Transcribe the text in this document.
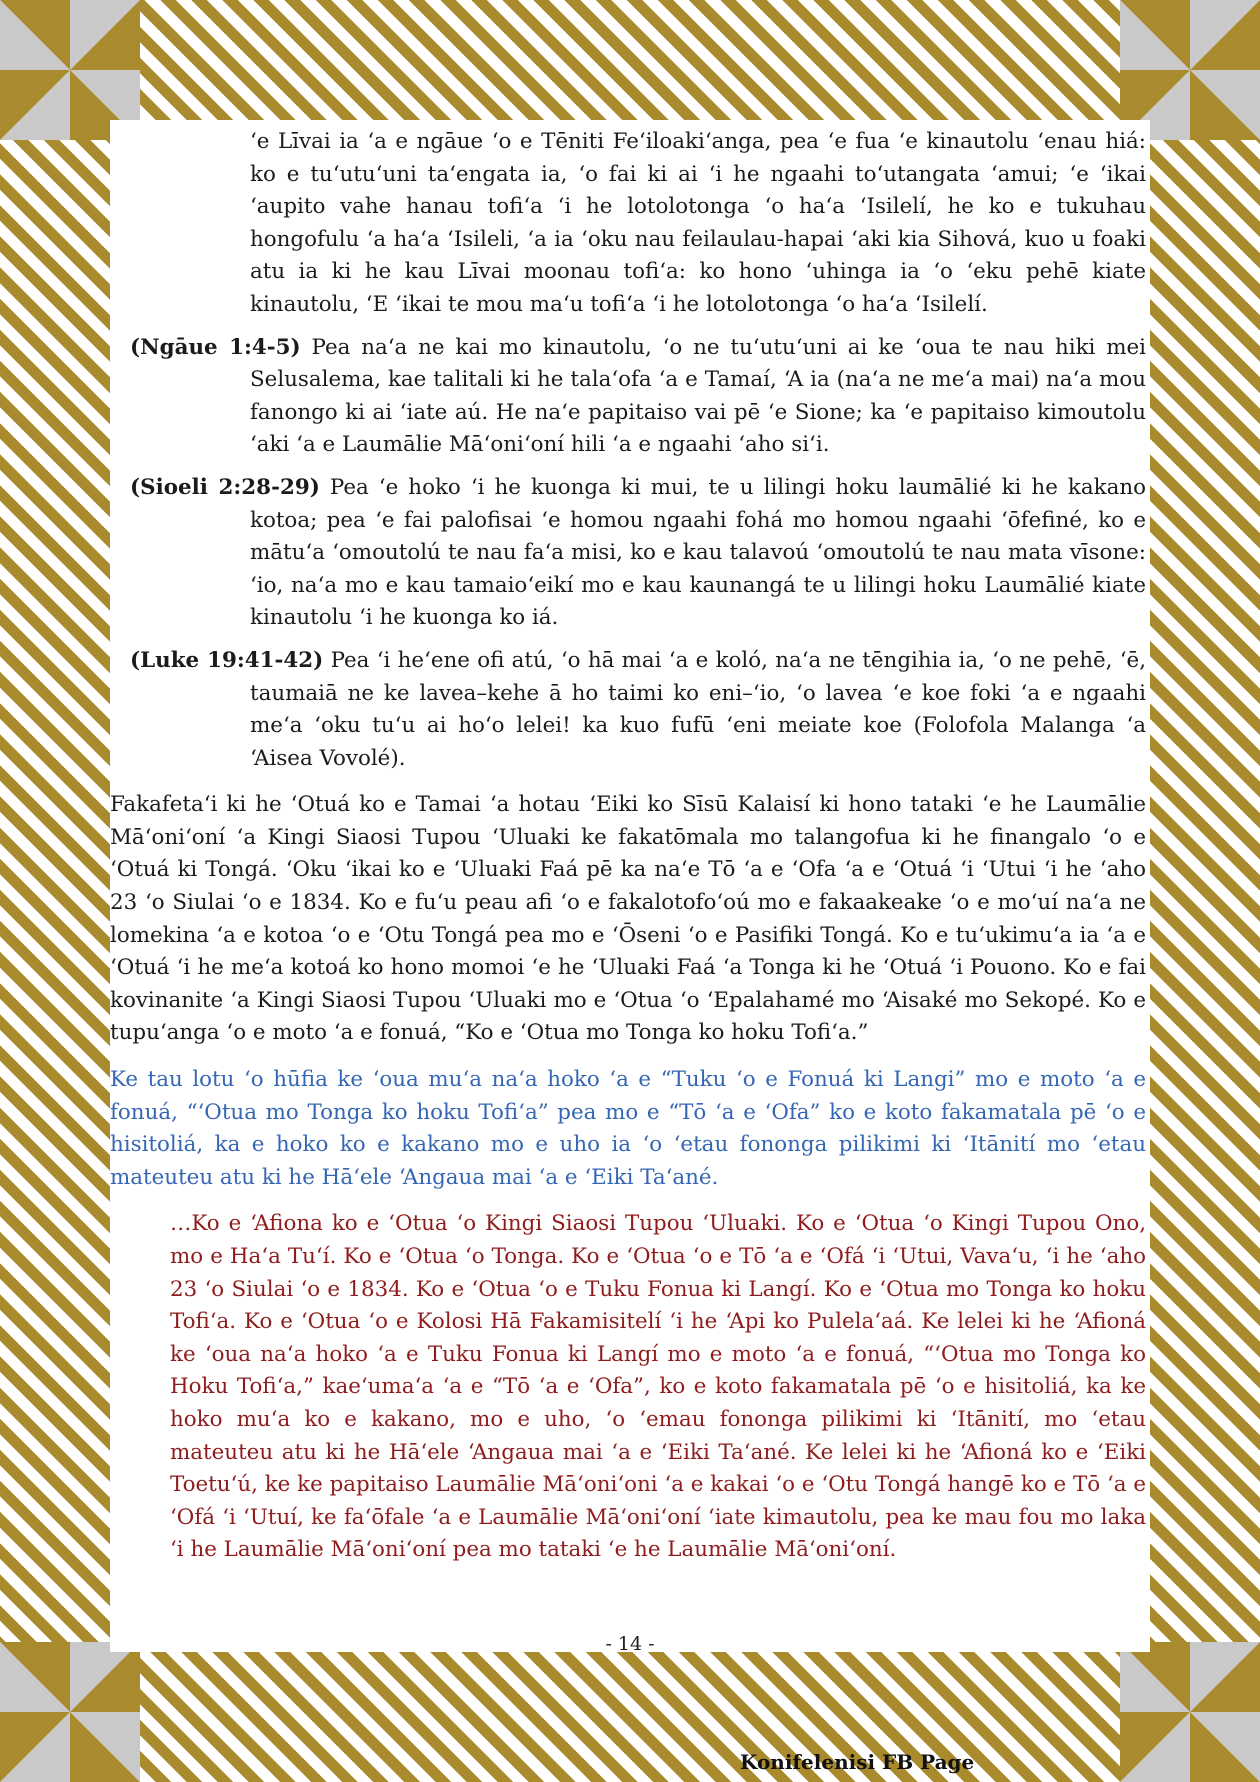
‘e Līvai ia ‘a e ngāue ‘o e Tēniti Fe‘iloaki‘anga, pea ‘e fua ‘e kinautolu ‘enau hiá: ko e tu‘utu‘uni ta‘engata ia, ‘o fai ki ai ‘i he ngaahi to‘utangata ‘amui; ‘e ‘ikai ‘aupito vahe hanau tofi‘a ‘i he lotolotonga ‘o ha‘a ‘Isilelí, he ko e tukuhau hongofulu ‘a ha‘a ‘Isileli, ‘a ia ‘oku nau feilaulau-hapai ‘aki kia Sihová, kuo u foaki atu ia ki he kau Līvai moonau tofi‘a: ko hono ‘uhinga ia ‘o ‘eku pehē kiate kinautolu, ‘E ‘ikai te mou ma‘u tofi‘a ‘i he lotolotonga ‘o ha‘a ‘Isilelí.

(Ngāue 1:4-5) Pea na‘a ne kai mo kinautolu, ‘o ne tu‘utu‘uni ai ke ‘oua te nau hiki mei Selusalema, kae talitali ki he tala‘ofa ‘a e Tamaí, ‘A ia (na‘a ne me‘a mai) na‘a mou fanongo ki ai ‘iate aú. He na‘e papitaiso vai pē ‘e Sione; ka ‘e papitaiso kimoutolu ‘aki ‘a e Laumālie Mā‘oni‘oní hili ‘a e ngaahi ‘aho si‘i.

(Sioeli 2:28-29) Pea ‘e hoko ‘i he kuonga ki mui, te u lilingi hoku laumālié ki he kakano kotoa; pea ‘e fai palofisai ‘e homou ngaahi fohá mo homou ngaahi ‘ōfefiné, ko e mātu‘a ‘omoutolú te nau fa‘a misi, ko e kau talavoú ‘omoutolú te nau mata vīsone: ‘io, na‘a mo e kau tamaio‘eikí mo e kau kaunangá te u lilingi hoku Laumālié kiate kinautolu ‘i he kuonga ko iá.

(Luke 19:41-42) Pea ‘i he‘ene ofi atú, ‘o hā mai ‘a e koló, na‘a ne tēngihia ia, ‘o ne pehē, ‘ē, taumaiā ne ke lavea–kehe ā ho taimi ko eni–‘io, ‘o lavea ‘e koe foki ‘a e ngaahi me‘a ‘oku tu‘u ai ho‘o lelei! ka kuo fufū ‘eni meiate koe (Folofola Malanga ‘a ‘Aisea Vovolé).

Fakafeta‘i ki he ‘Otuá ko e Tamai ‘a hotau ‘Eiki ko Sīsū Kalaisí ki hono tataki ‘e he Laumālie Mā‘oni‘oní ‘a Kingi Siaosi Tupou ‘Uluaki ke fakatōmala mo talangofua ki he finangalo ‘o e ‘Otuá ki Tongá. ‘Oku ‘ikai ko e ‘Uluaki Faá pē ka na‘e Tō ‘a e ‘Ofa ‘a e ‘Otuá ‘i ‘Utui ‘i he ‘aho 23 ‘o Siulai ‘o e 1834. Ko e fu‘u peau afi ‘o e fakalotofo‘oú mo e fakaakeake ‘o e mo‘uí na‘a ne lomekina ‘a e kotoa ‘o e ‘Otu Tongá pea mo e ‘Ōseni ‘o e Pasifiki Tongá. Ko e tu‘ukimu‘a ia ‘a e ‘Otuá ‘i he me‘a kotoá ko hono momoi ‘e he ‘Uluaki Faá ‘a Tonga ki he ‘Otuá ‘i Pouono. Ko e fai kovinanite ‘a Kingi Siaosi Tupou ‘Uluaki mo e ‘Otua ‘o ‘Epalahamé mo ‘Aisaké mo Sekopé. Ko e tupu‘anga ‘o e moto ‘a e fonuá, “Ko e ‘Otua mo Tonga ko hoku Tofi‘a.”

Ke tau lotu ‘o hūfia ke ‘oua mu‘a na‘a hoko ‘a e “Tuku ‘o e Fonuá ki Langi” mo e moto ‘a e fonuá, “‘Otua mo Tonga ko hoku Tofi‘a” pea mo e “Tō ‘a e ‘Ofa” ko e koto fakamatala pē ‘o e hisitoliá, ka e hoko ko e kakano mo e uho ia ‘o ‘etau fononga pilikimi ki ‘Itānití mo ‘etau mateuteu atu ki he Hā‘ele ‘Angaua mai ‘a e ‘Eiki Ta‘ané.

…Ko e ‘Afiona ko e ‘Otua ‘o Kingi Siaosi Tupou ‘Uluaki. Ko e ‘Otua ‘o Kingi Tupou Ono, mo e Ha‘a Tu‘í. Ko e ‘Otua ‘o Tonga. Ko e ‘Otua ‘o e Tō ‘a e ‘Ofá ‘i ‘Utui, Vava‘u, ‘i he ‘aho 23 ‘o Siulai ‘o e 1834. Ko e ‘Otua ‘o e Tuku Fonua ki Langí. Ko e ‘Otua mo Tonga ko hoku Tofi‘a. Ko e ‘Otua ‘o e Kolosi Hā Fakamisitelí ‘i he ‘Api ko Pulela‘aá. Ke lelei ki he ‘Afioná ke ‘oua na‘a hoko ‘a e Tuku Fonua ki Langí mo e moto ‘a e fonuá, “‘Otua mo Tonga ko Hoku Tofi‘a,” kae‘uma‘a ‘a e “Tō ‘a e ‘Ofa”, ko e koto fakamatala pē ‘o e hisitoliá, ka ke hoko mu‘a ko e kakano, mo e uho, ‘o ‘emau fononga pilikimi ki ‘Itānití, mo ‘etau mateuteu atu ki he Hā‘ele ‘Angaua mai ‘a e ‘Eiki Ta‘ané. Ke lelei ki he ‘Afioná ko e ‘Eiki Toetu‘ú, ke ke papitaiso Laumālie Mā‘oni‘oni ‘a e kakai ‘o e ‘Otu Tongá hangē ko e Tō ‘a e ‘Ofá ‘i ‘Utuí, ke fa‘ōfale ‘a e Laumālie Mā‘oni‘oní ‘iate kimautolu, pea ke mau fou mo laka ‘i he Laumālie Mā‘oni‘oní pea mo tataki ‘e he Laumālie Mā‘oni‘oní.

- 14 -
Konifelenisi FB Page
